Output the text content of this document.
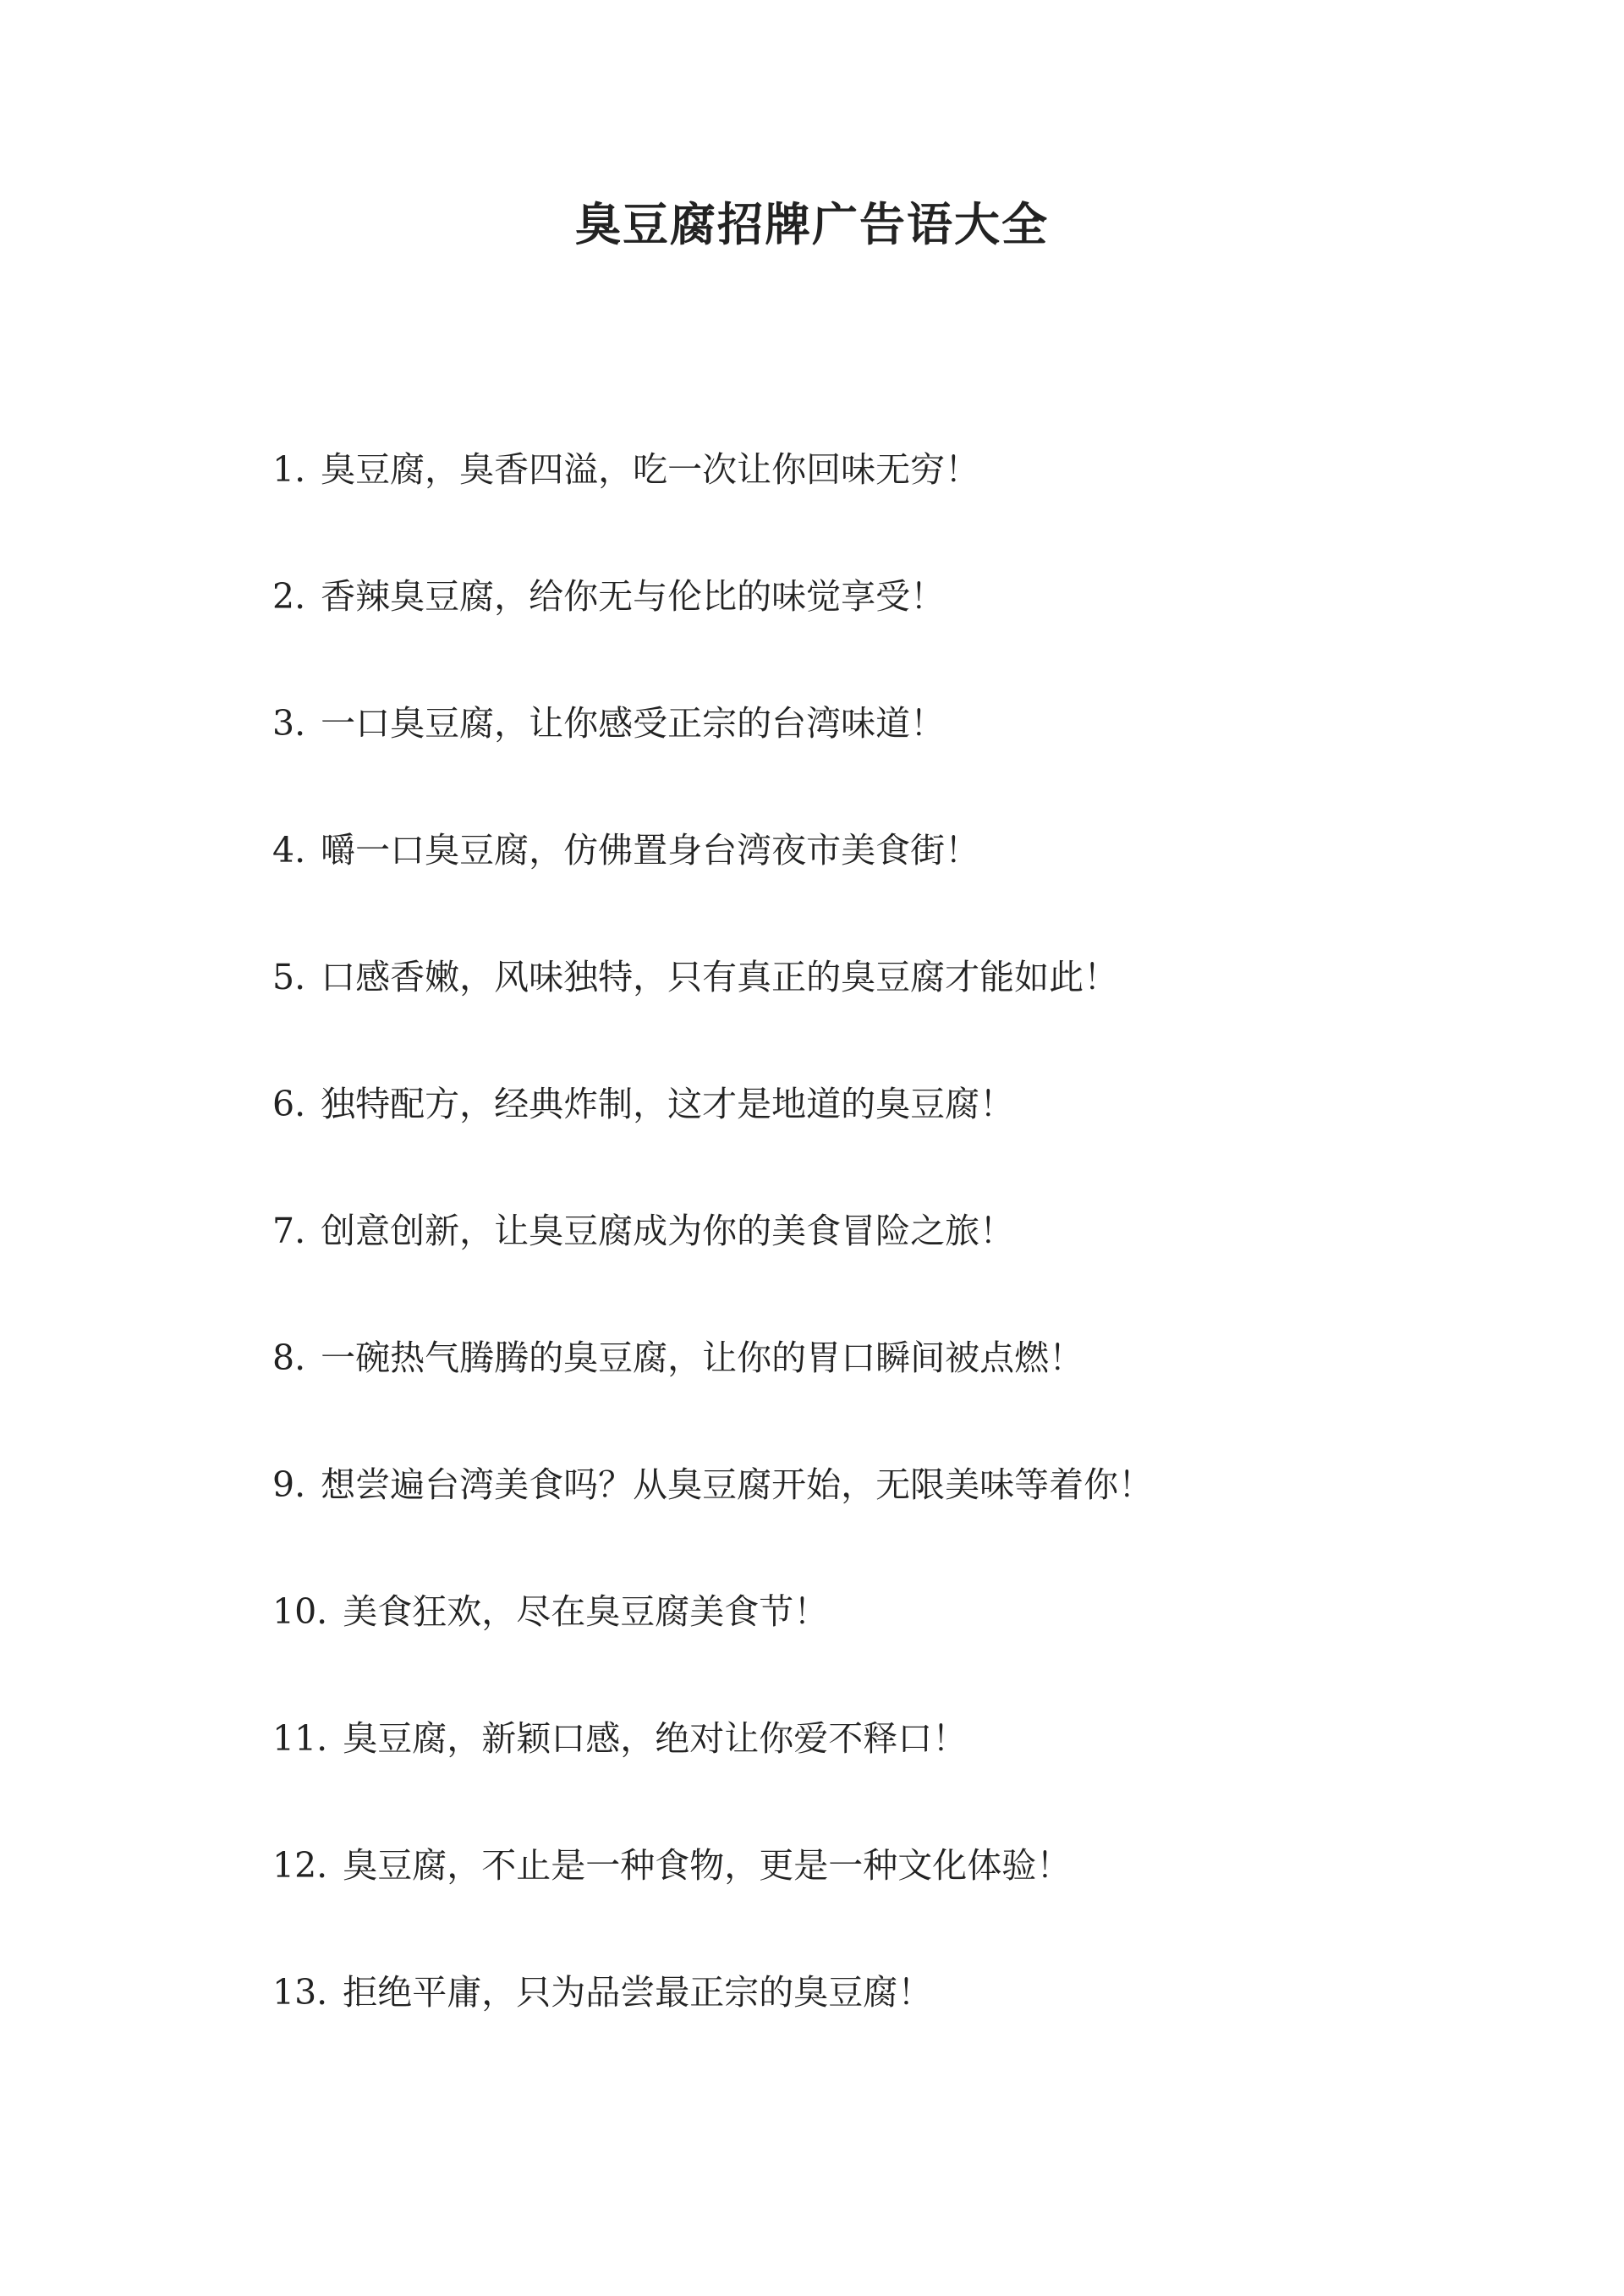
臭豆腐招牌广告语大全
1. 臭豆腐，臭香四溢，吃一次让你回味无穷！
2. 香辣臭豆腐，给你无与伦比的味觉享受！
3. 一口臭豆腐，让你感受正宗的台湾味道！
4. 嚼一口臭豆腐，仿佛置身台湾夜市美食街！
5. 口感香嫩，风味独特，只有真正的臭豆腐才能如此！
6. 独特配方，经典炸制，这才是地道的臭豆腐！
7. 创意创新，让臭豆腐成为你的美食冒险之旅！
8. 一碗热气腾腾的臭豆腐，让你的胃口瞬间被点燃！
9. 想尝遍台湾美食吗？从臭豆腐开始，无限美味等着你！
10. 美食狂欢，尽在臭豆腐美食节！
11. 臭豆腐，新颖口感，绝对让你爱不释口！
12. 臭豆腐，不止是一种食物，更是一种文化体验！
13. 拒绝平庸，只为品尝最正宗的臭豆腐！
